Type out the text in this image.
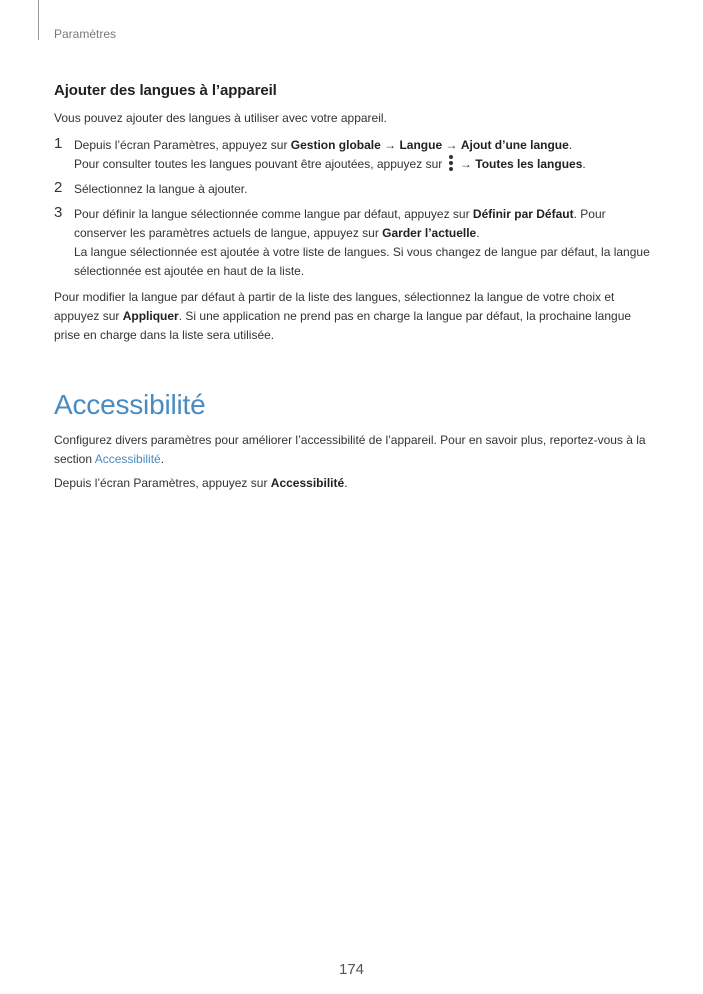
Paramètres
Ajouter des langues à l’appareil

Vous pouvez ajouter des langues à utiliser avec votre appareil.

1 Depuis l’écran Paramètres, appuyez sur Gestion globale → Langue → Ajout d’une langue.

Pour consulter toutes les langues pouvant être ajoutées, appuyez sur
→ Toutes les langues.

2 Sélectionnez la langue à ajouter.

3 Pour définir la langue sélectionnée comme langue par défaut, appuyez sur Définir par Défaut. Pour conserver les paramètres actuels de langue, appuyez sur Garder l’actuelle.

La langue sélectionnée est ajoutée à votre liste de langues. Si vous changez de langue par défaut, la langue sélectionnée est ajoutée en haut de la liste.

Pour modifier la langue par défaut à partir de la liste des langues, sélectionnez la langue de votre choix et appuyez sur Appliquer. Si une application ne prend pas en charge la langue par défaut, la prochaine langue prise en charge dans la liste sera utilisée.

Accessibilité

Configurez divers paramètres pour améliorer l’accessibilité de l’appareil. Pour en savoir plus, reportez-vous à la section Accessibilité.

Depuis l’écran Paramètres, appuyez sur Accessibilité.

174
